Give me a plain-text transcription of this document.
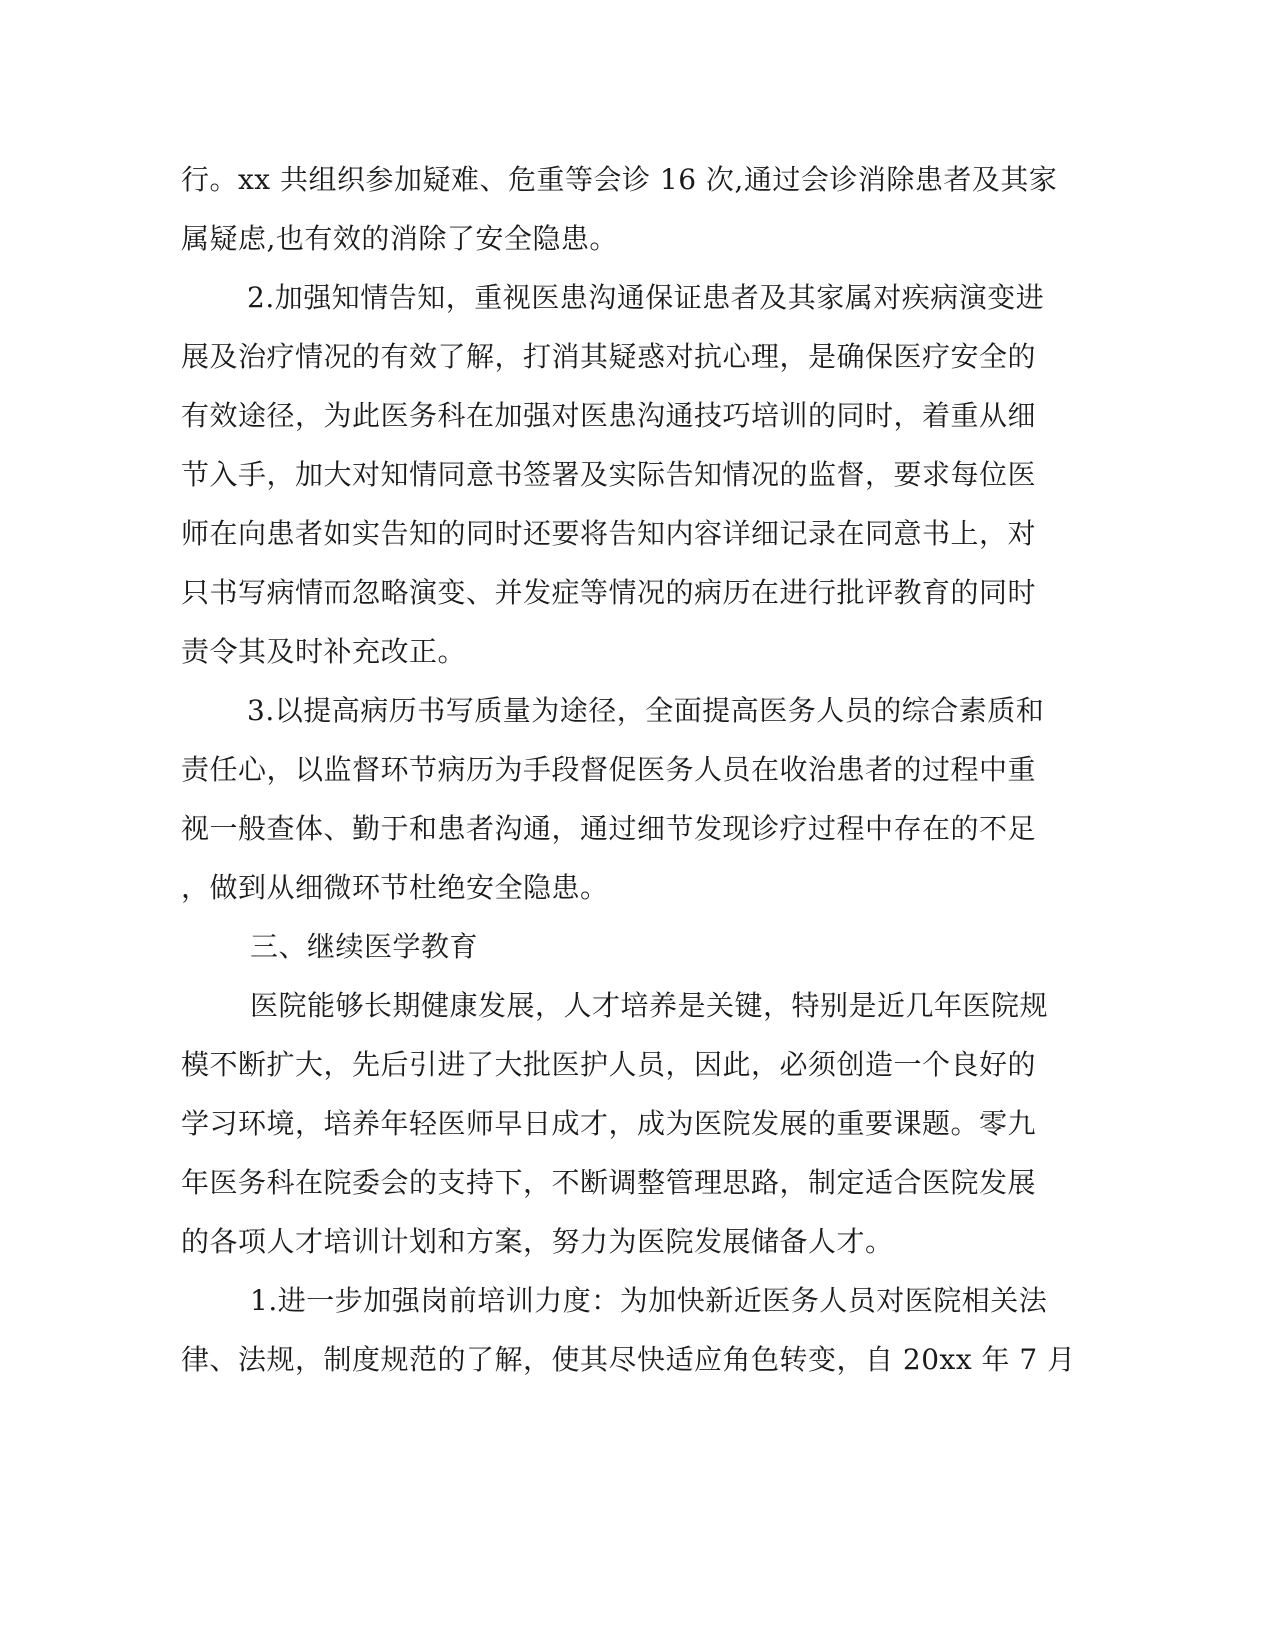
行。xx 共组织参加疑难、危重等会诊 16 次,通过会诊消除患者及其家
属疑虑,也有效的消除了安全隐患。
2.加强知情告知，重视医患沟通保证患者及其家属对疾病演变进
展及治疗情况的有效了解，打消其疑惑对抗心理，是确保医疗安全的
有效途径，为此医务科在加强对医患沟通技巧培训的同时，着重从细
节入手，加大对知情同意书签署及实际告知情况的监督，要求每位医
师在向患者如实告知的同时还要将告知内容详细记录在同意书上，对
只书写病情而忽略演变、并发症等情况的病历在进行批评教育的同时
责令其及时补充改正。
3.以提高病历书写质量为途径，全面提高医务人员的综合素质和
责任心，以监督环节病历为手段督促医务人员在收治患者的过程中重
视一般查体、勤于和患者沟通，通过细节发现诊疗过程中存在的不足
，做到从细微环节杜绝安全隐患。
三、继续医学教育
医院能够长期健康发展，人才培养是关键，特别是近几年医院规
模不断扩大，先后引进了大批医护人员，因此，必须创造一个良好的
学习环境，培养年轻医师早日成才，成为医院发展的重要课题。零九
年医务科在院委会的支持下，不断调整管理思路，制定适合医院发展
的各项人才培训计划和方案，努力为医院发展储备人才。
1.进一步加强岗前培训力度：为加快新近医务人员对医院相关法
律、法规，制度规范的了解，使其尽快适应角色转变，自 20xx 年 7 月
